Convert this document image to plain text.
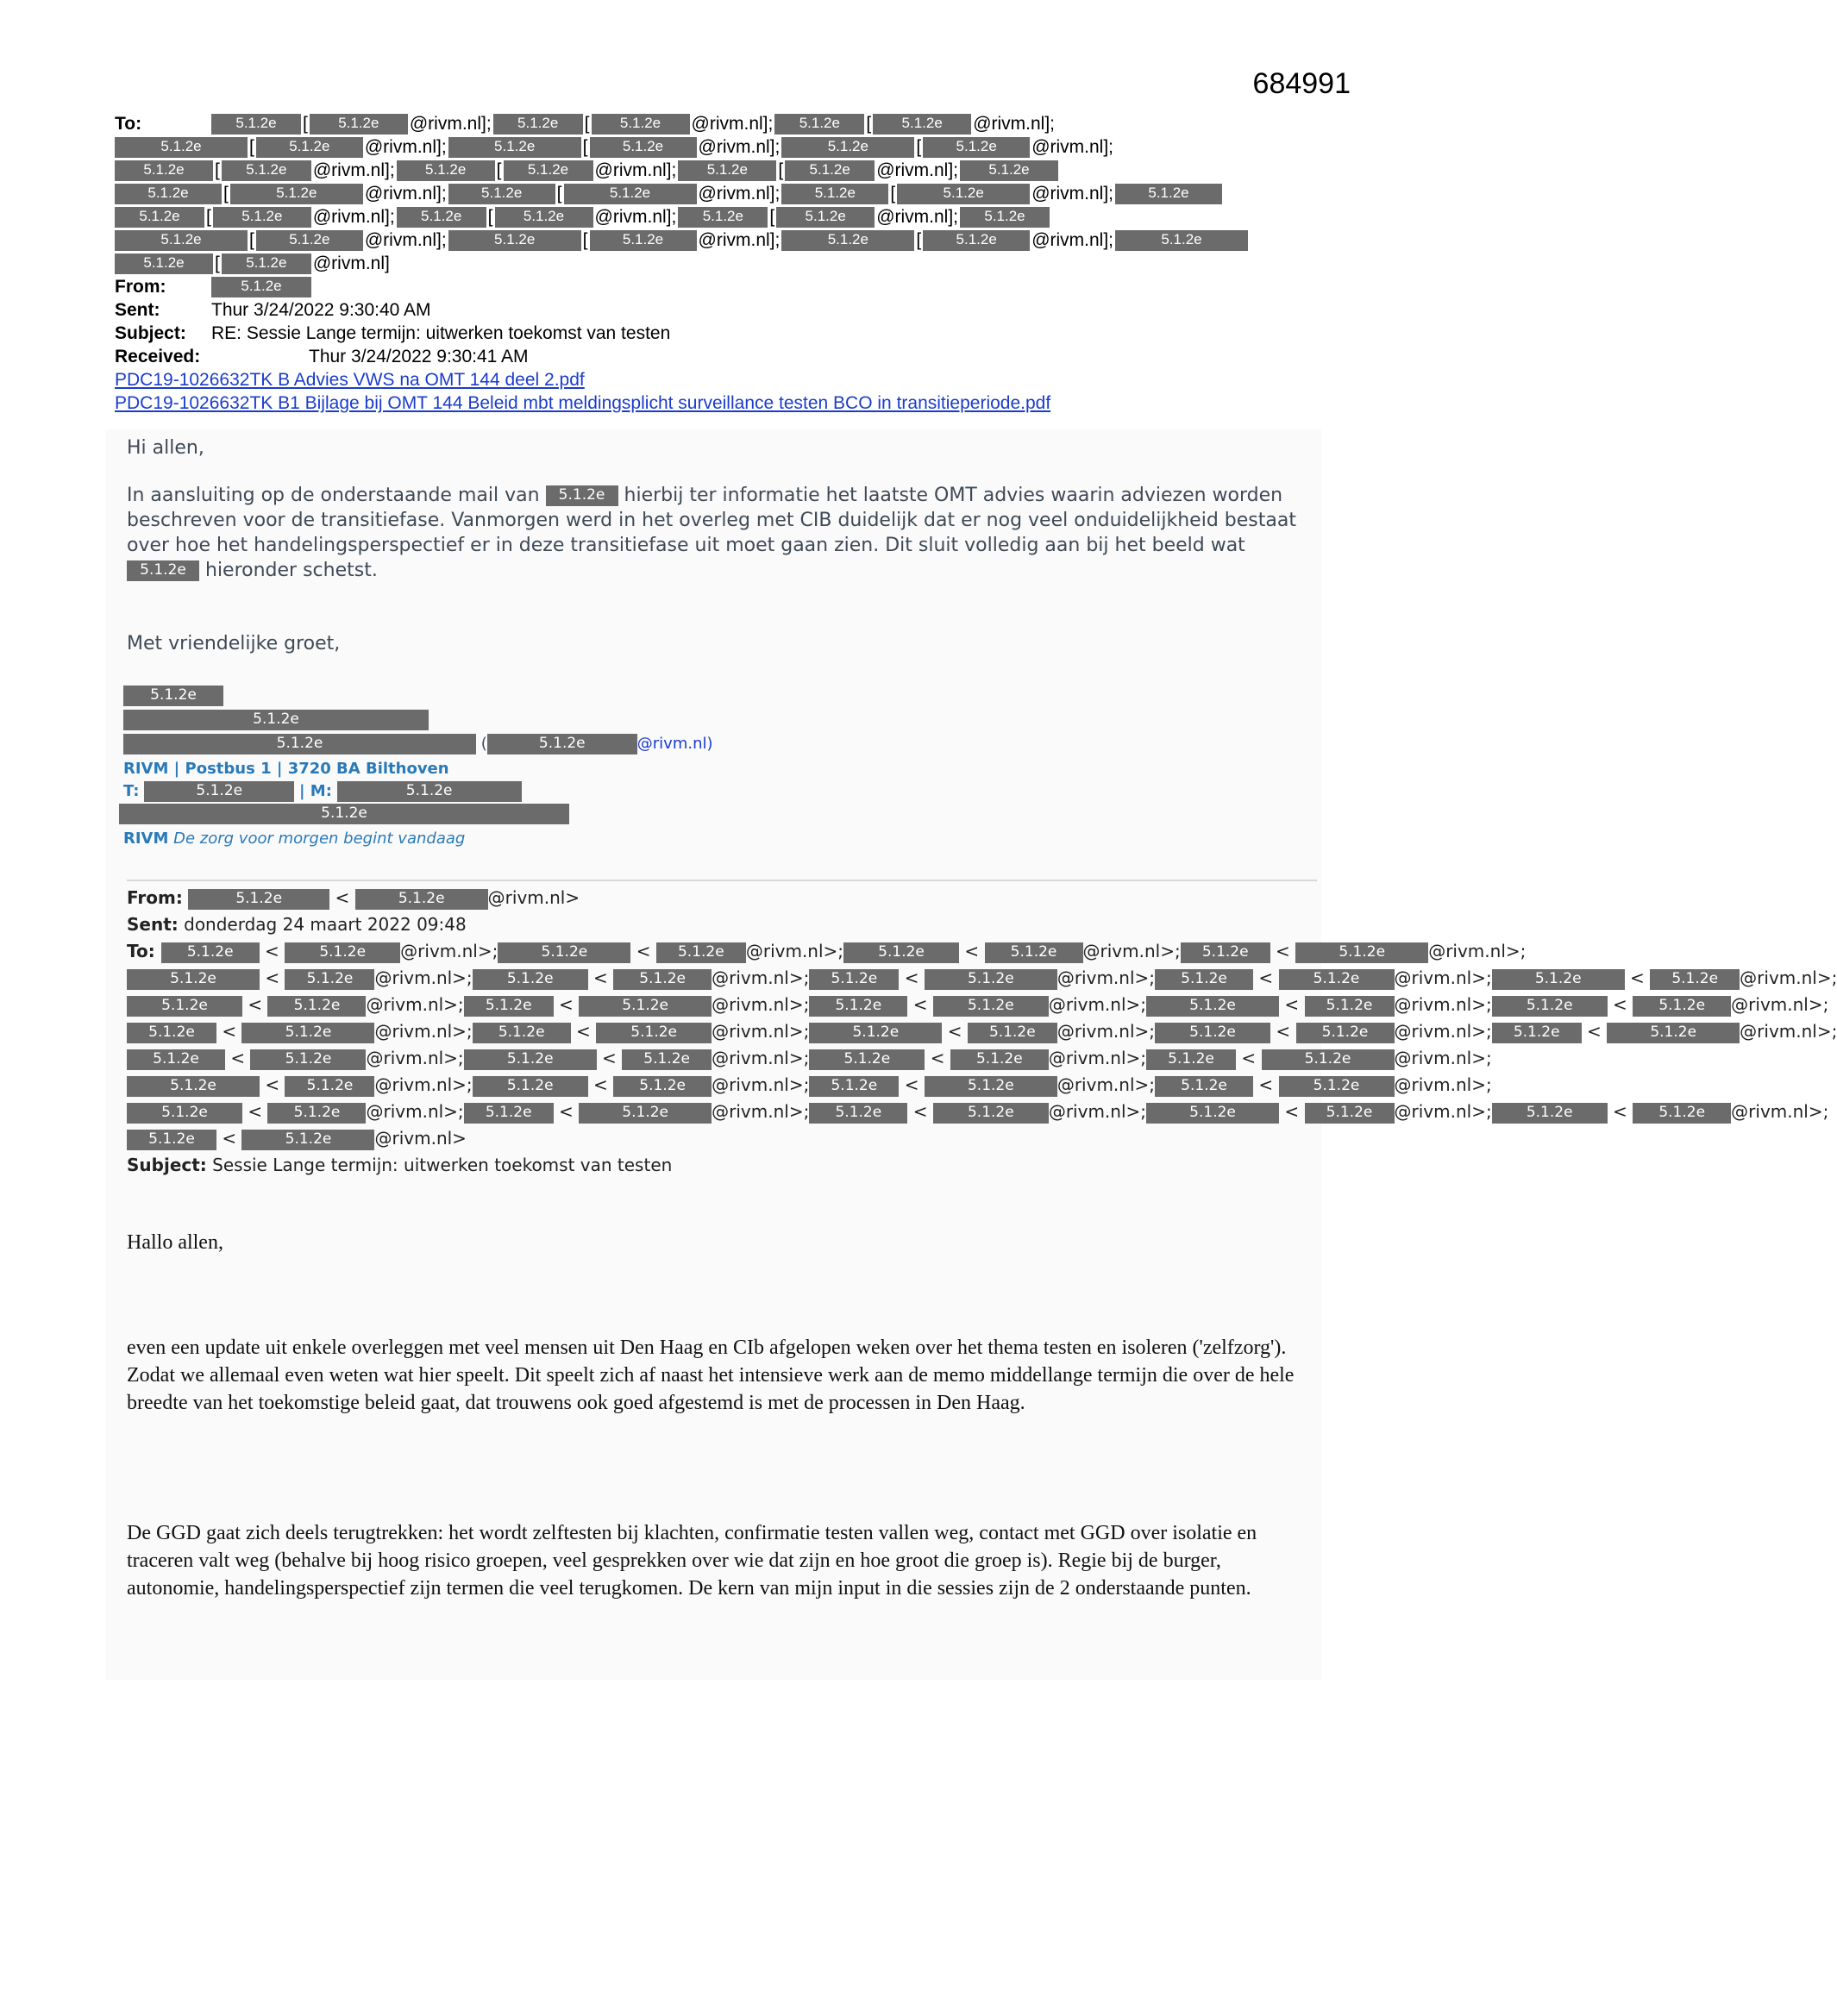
684991
To:	5.1.2e [ 5.1.2e @rivm.nl]; 5.1.2e [ 5.1.2e @rivm.nl]; 5.1.2e [ 5.1.2e @rivm.nl];
5.1.2e	[ 5.1.2e @rivm.nl];	5.1.2e	[ 5.1.2e @rivm.nl];	5.1.2e	[ 5.1.2e @rivm.nl];
5.1.2e [ 5.1.2e @rivm.nl]; 5.1.2e [ 5.1.2e @rivm.nl]; 5.1.2e [ 5.1.2e @rivm.nl]; 5.1.2e
5.1.2e [	5.1.2e	@rivm.nl]; 5.1.2e [	5.1.2e	@rivm.nl]; 5.1.2e [	5.1.2e	@rivm.nl]; 5.1.2e
5.1.2e [ 5.1.2e @rivm.nl]; 5.1.2e [ 5.1.2e @rivm.nl]; 5.1.2e [ 5.1.2e @rivm.nl]; 5.1.2e
5.1.2e	[ 5.1.2e @rivm.nl];	5.1.2e	[ 5.1.2e @rivm.nl];	5.1.2e	[ 5.1.2e @rivm.nl];	5.1.2e
5.1.2e [ 5.1.2e @rivm.nl]
From:	5.1.2e
Sent:	Thur 3/24/2022 9:30:40 AM
Subject: RE: Sessie Lange termijn: uitwerken toekomst van testen
Received:	Thur 3/24/2022 9:30:41 AM
PDC19-1026632TK B Advies VWS na OMT 144 deel 2.pdf
PDC19-1026632TK B1 Bijlage bij OMT 144 Beleid mbt meldingsplicht surveillance testen BCO in transitieperiode.pdf

Hi allen,

In aansluiting op de onderstaande mail van 5.1.2e hierbij ter informatie het laatste OMT advies waarin adviezen worden beschreven voor de transitiefase. Vanmorgen werd in het overleg met CIB duidelijk dat er nog veel onduidelijkheid bestaat over hoe het handelingsperspectief er in deze transitiefase uit moet gaan zien. Dit sluit volledig aan bij het beeld wat 5.1.2e hieronder schetst.

Met vriendelijke groet,

5.1.2e
5.1.2e
5.1.2e	(	5.1.2e	@rivm.nl)
RIVM | Postbus 1 | 3720 BA Bilthoven
T:	5.1.2e	| M:	5.1.2e
5.1.2e
RIVM De zorg voor morgen begint vandaag
From:	5.1.2e	<	5.1.2e	@rivm.nl>
Sent: donderdag 24 maart 2022 09:48
To: 5.1.2e < 5.1.2e @rivm.nl>;	5.1.2e	< 5.1.2e @rivm.nl>; 5.1.2e < 5.1.2e @rivm.nl>; 5.1.2e <	5.1.2e	@rivm.nl>;
5.1.2e	< 5.1.2e @rivm.nl>; 5.1.2e < 5.1.2e @rivm.nl>; 5.1.2e <	5.1.2e	@rivm.nl>; 5.1.2e < 5.1.2e @rivm.nl>;	5.1.2e	< 5.1.2e @rivm.nl>;
5.1.2e < 5.1.2e @rivm.nl>; 5.1.2e <	5.1.2e	@rivm.nl>; 5.1.2e < 5.1.2e @rivm.nl>;	5.1.2e	< 5.1.2e @rivm.nl>; 5.1.2e < 5.1.2e @rivm.nl>;
5.1.2e <	5.1.2e	@rivm.nl>; 5.1.2e < 5.1.2e @rivm.nl>;	5.1.2e	< 5.1.2e @rivm.nl>; 5.1.2e < 5.1.2e @rivm.nl>; 5.1.2e <	5.1.2e	@rivm.nl>;
5.1.2e < 5.1.2e @rivm.nl>;	5.1.2e	< 5.1.2e @rivm.nl>; 5.1.2e < 5.1.2e @rivm.nl>; 5.1.2e <	5.1.2e	@rivm.nl>;
5.1.2e	< 5.1.2e @rivm.nl>; 5.1.2e < 5.1.2e @rivm.nl>; 5.1.2e <	5.1.2e	@rivm.nl>; 5.1.2e < 5.1.2e @rivm.nl>;
5.1.2e < 5.1.2e @rivm.nl>; 5.1.2e <	5.1.2e	@rivm.nl>; 5.1.2e < 5.1.2e @rivm.nl>;	5.1.2e	< 5.1.2e @rivm.nl>; 5.1.2e < 5.1.2e @rivm.nl>;
5.1.2e <	5.1.2e	@rivm.nl>
Subject: Sessie Lange termijn: uitwerken toekomst van testen
Hallo allen,
even een update uit enkele overleggen met veel mensen uit Den Haag en CIb afgelopen weken over het thema testen en isoleren ('zelfzorg'). Zodat we allemaal even weten wat hier speelt. Dit speelt zich af naast het intensieve werk aan de memo middellange termijn die over de hele breedte van het toekomstige beleid gaat, dat trouwens ook goed afgestemd is met de processen in Den Haag.
De GGD gaat zich deels terugtrekken: het wordt zelftesten bij klachten, confirmatie testen vallen weg, contact met GGD over isolatie en traceren valt weg (behalve bij hoog risico groepen, veel gesprekken over wie dat zijn en hoe groot die groep is). Regie bij de burger, autonomie, handelingsperspectief zijn termen die veel terugkomen. De kern van mijn input in die sessies zijn de 2 onderstaande punten.
